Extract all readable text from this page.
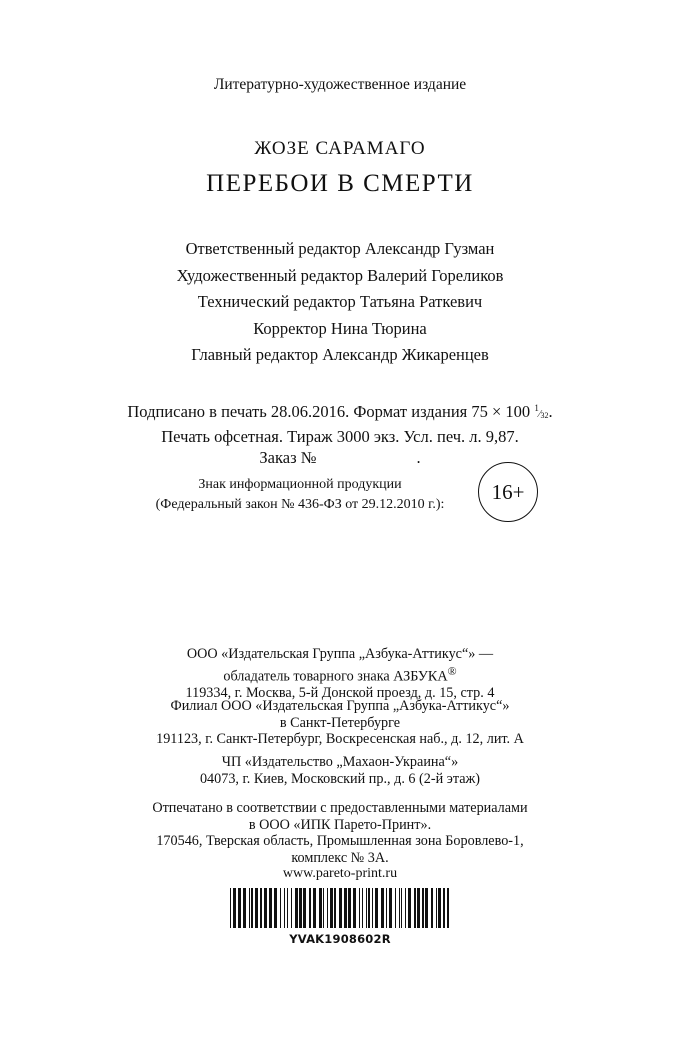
Литературно-художественное издание
ЖОЗЕ САРАМАГО
ПЕРЕБОИ В СМЕРТИ
Ответственный редактор Александр Гузман
Художественный редактор Валерий Гореликов
Технический редактор Татьяна Раткевич
Корректор Нина Тюрина
Главный редактор Александр Жикаренцев
Подписано в печать 28.06.2016. Формат издания 75 × 100 $^1⁄_{32}$.
Печать офсетная. Тираж 3000 экз. Усл. печ. л. 9,87.
Заказ №	.
Знак информационной продукции
(Федеральный закон № 436-ФЗ от 29.12.2010 г.):
16+
ООО «Издательская Группа „Азбука-Аттикус“» —
обладатель товарного знака АЗБУКА®
119334, г. Москва, 5-й Донской проезд, д. 15, стр. 4
Филиал ООО «Издательская Группа „Азбука-Аттикус“»
в Санкт-Петербурге
191123, г. Санкт-Петербург, Воскресенская наб., д. 12, лит. А
ЧП «Издательство „Махаон-Украина“»
04073, г. Киев, Московский пр., д. 6 (2-й этаж)
Отпечатано в соответствии с предоставленными материалами
в ООО «ИПК Парето-Принт».
170546, Тверская область, Промышленная зона Боровлево-1,
комплекс № 3А.
www.pareto-print.ru
YVAK1908602R
